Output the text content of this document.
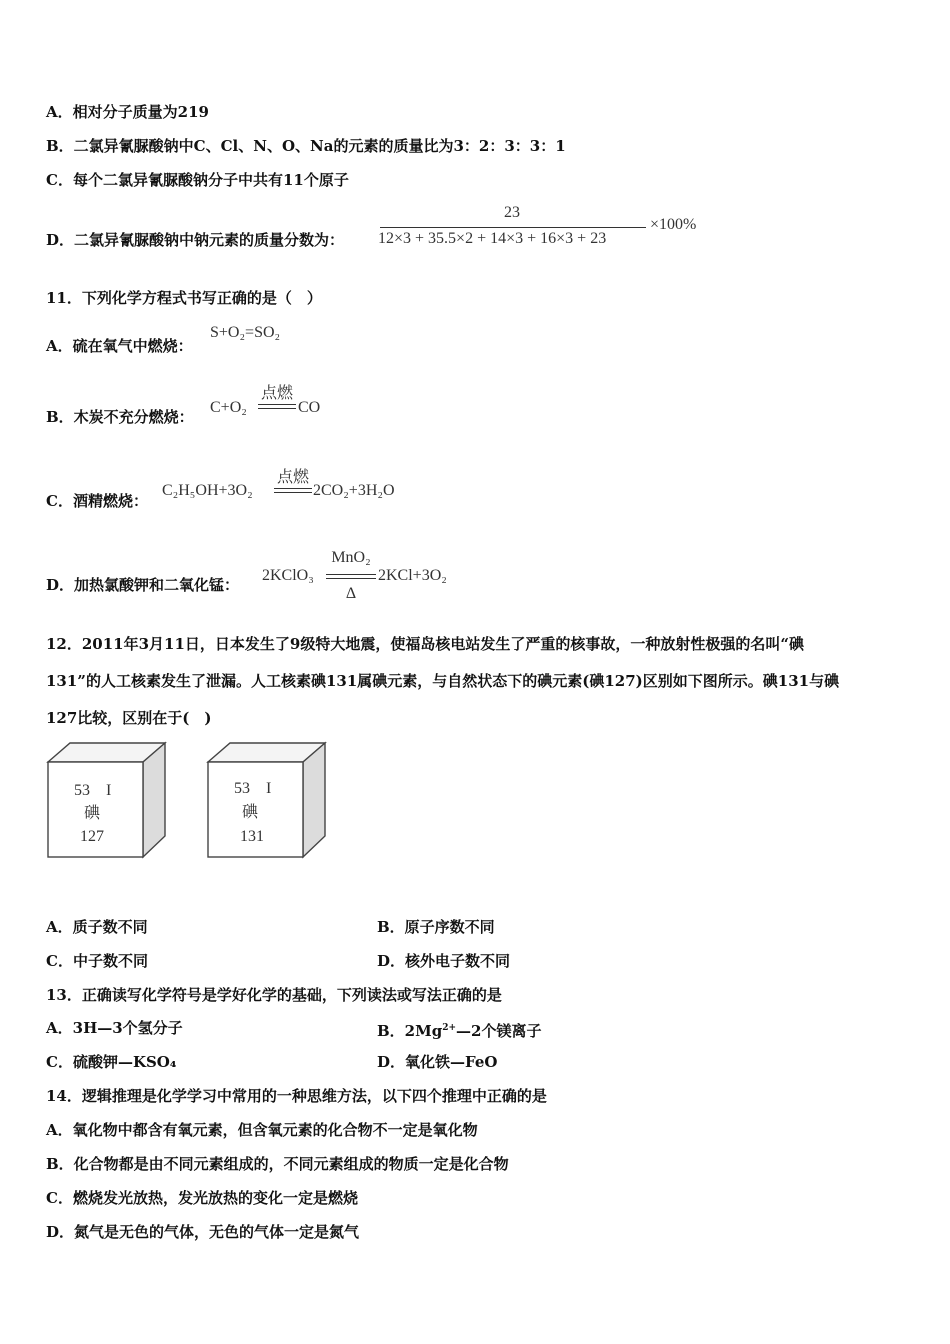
A．相对分子质量为219
B．二氯异氰脲酸钠中C、Cl、N、O、Na的元素的质量比为3：2：3：3：1
C．每个二氯异氰脲酸钠分子中共有11个原子
D．二氯异氰脲酸钠中钠元素的质量分数为：
23
12×3 + 35.5×2 + 14×3 + 16×3 + 23
×100%
11．下列化学方程式书写正确的是（　）
A．硫在氧气中燃烧：
S+O₂=SO₂
B．木炭不充分燃烧：
C+O₂
点燃
CO
C．酒精燃烧：
C₂H₅OH+3O₂
点燃
2CO₂+3H₂O
D．加热氯酸钾和二氧化锰：
2KClO₃
MnO₂
Δ
2KCl+3O₂
12．2011年3月11日，日本发生了9级特大地震，使福岛核电站发生了严重的核事故，一种放射性极强的名叫“碘
131”的人工核素发生了泄漏。人工核素碘131属碘元素，与自然状态下的碘元素(碘127)区别如下图所示。碘131与碘
127比较，区别在于(　)
53 I
碘
127
53 I
碘
131
A．质子数不同	B．原子序数不同
C．中子数不同	D．核外电子数不同
13．正确读写化学符号是学好化学的基础，下列读法或写法正确的是
A．3H—3个氢分子	B．$2Mg^{2+}—2$个镁离子
C．硫酸钾—KSO₄	D．氧化铁—FeO
14．逻辑推理是化学学习中常用的一种思维方法，以下四个推理中正确的是
A．氧化物中都含有氧元素，但含氧元素的化合物不一定是氧化物
B．化合物都是由不同元素组成的，不同元素组成的物质一定是化合物
C．燃烧发光放热，发光放热的变化一定是燃烧
D．氮气是无色的气体，无色的气体一定是氮气
